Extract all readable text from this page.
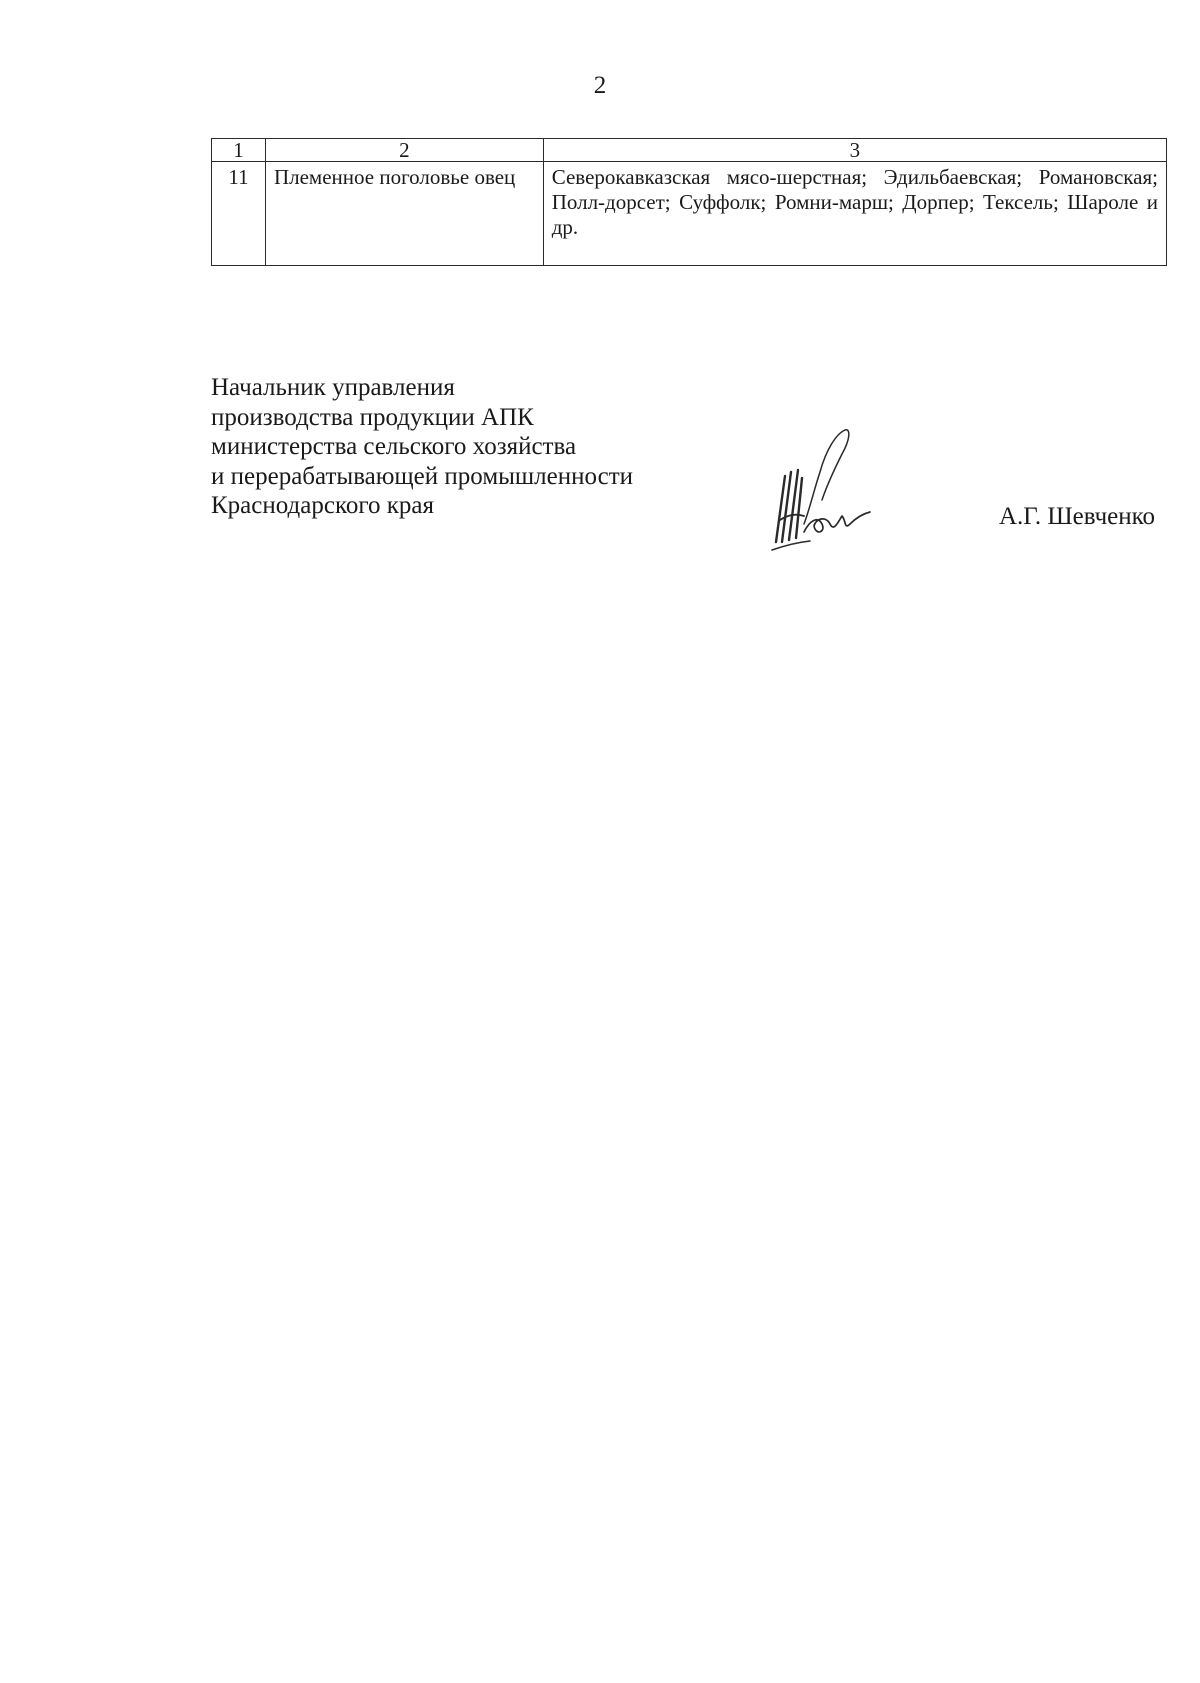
2
1	2	3
11	Племенное поголовье овец	Северокавказская мясо-шерстная; Эдильбаевская; Романовская; Полл-дорсет; Суффолк; Ромни-марш; Дорпер; Тексель; Шароле и др.
Начальник управления
производства продукции АПК
министерства сельского хозяйства
и перерабатывающей промышленности
Краснодарского края	А.Г. Шевченко
